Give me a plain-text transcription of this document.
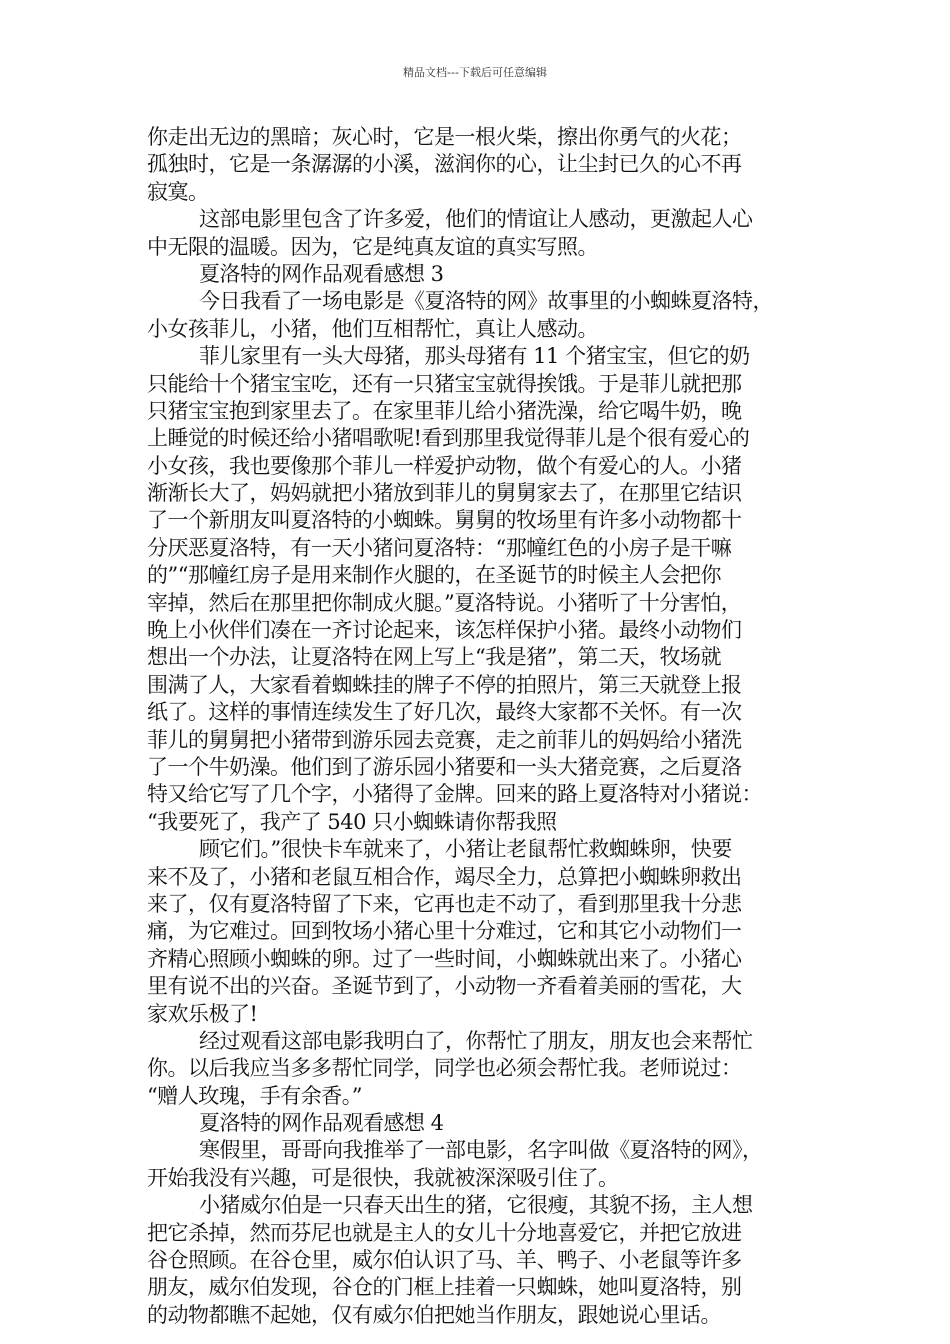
精品文档---下载后可任意编辑
你走出无边的黑暗；灰心时，它是一根火柴，擦出你勇气的火花；
孤独时，它是一条潺潺的小溪，滋润你的心，让尘封已久的心不再
寂寞。
这部电影里包含了许多爱，他们的情谊让人感动，更激起人心
中无限的温暖。因为，它是纯真友谊的真实写照。
夏洛特的网作品观看感想 3
今日我看了一场电影是《夏洛特的网》故事里的小蜘蛛夏洛特，
小女孩菲儿，小猪，他们互相帮忙，真让人感动。
菲儿家里有一头大母猪，那头母猪有 11 个猪宝宝，但它的奶
只能给十个猪宝宝吃，还有一只猪宝宝就得挨饿。于是菲儿就把那
只猪宝宝抱到家里去了。在家里菲儿给小猪洗澡，给它喝牛奶，晚
上睡觉的时候还给小猪唱歌呢!看到那里我觉得菲儿是个很有爱心的
小女孩，我也要像那个菲儿一样爱护动物，做个有爱心的人。小猪
渐渐长大了，妈妈就把小猪放到菲儿的舅舅家去了，在那里它结识
了一个新朋友叫夏洛特的小蜘蛛。舅舅的牧场里有许多小动物都十
分厌恶夏洛特，有一天小猪问夏洛特：“那幢红色的小房子是干嘛
的”“那幢红房子是用来制作火腿的，在圣诞节的时候主人会把你
宰掉，然后在那里把你制成火腿。”夏洛特说。小猪听了十分害怕，
晚上小伙伴们凑在一齐讨论起来，该怎样保护小猪。最终小动物们
想出一个办法，让夏洛特在网上写上“我是猪”，第二天，牧场就
围满了人，大家看着蜘蛛挂的牌子不停的拍照片，第三天就登上报
纸了。这样的事情连续发生了好几次，最终大家都不关怀。有一次
菲儿的舅舅把小猪带到游乐园去竞赛，走之前菲儿的妈妈给小猪洗
了一个牛奶澡。他们到了游乐园小猪要和一头大猪竞赛，之后夏洛
特又给它写了几个字，小猪得了金牌。回来的路上夏洛特对小猪说：
“我要死了，我产了 540 只小蜘蛛请你帮我照
顾它们。”很快卡车就来了，小猪让老鼠帮忙救蜘蛛卵，快要
来不及了，小猪和老鼠互相合作，竭尽全力，总算把小蜘蛛卵救出
来了，仅有夏洛特留了下来，它再也走不动了，看到那里我十分悲
痛，为它难过。回到牧场小猪心里十分难过，它和其它小动物们一
齐精心照顾小蜘蛛的卵。过了一些时间，小蜘蛛就出来了。小猪心
里有说不出的兴奋。圣诞节到了，小动物一齐看着美丽的雪花，大
家欢乐极了!
经过观看这部电影我明白了，你帮忙了朋友，朋友也会来帮忙
你。以后我应当多多帮忙同学，同学也必须会帮忙我。老师说过：
“赠人玫瑰，手有余香。”
夏洛特的网作品观看感想 4
寒假里，哥哥向我推举了一部电影，名字叫做《夏洛特的网》，
开始我没有兴趣，可是很快，我就被深深吸引住了。
小猪威尔伯是一只春天出生的猪，它很瘦，其貌不扬，主人想
把它杀掉，然而芬尼也就是主人的女儿十分地喜爱它，并把它放进
谷仓照顾。在谷仓里，威尔伯认识了马、羊、鸭子、小老鼠等许多
朋友，威尔伯发现，谷仓的门框上挂着一只蜘蛛，她叫夏洛特，别
的动物都瞧不起她，仅有威尔伯把她当作朋友，跟她说心里话。
